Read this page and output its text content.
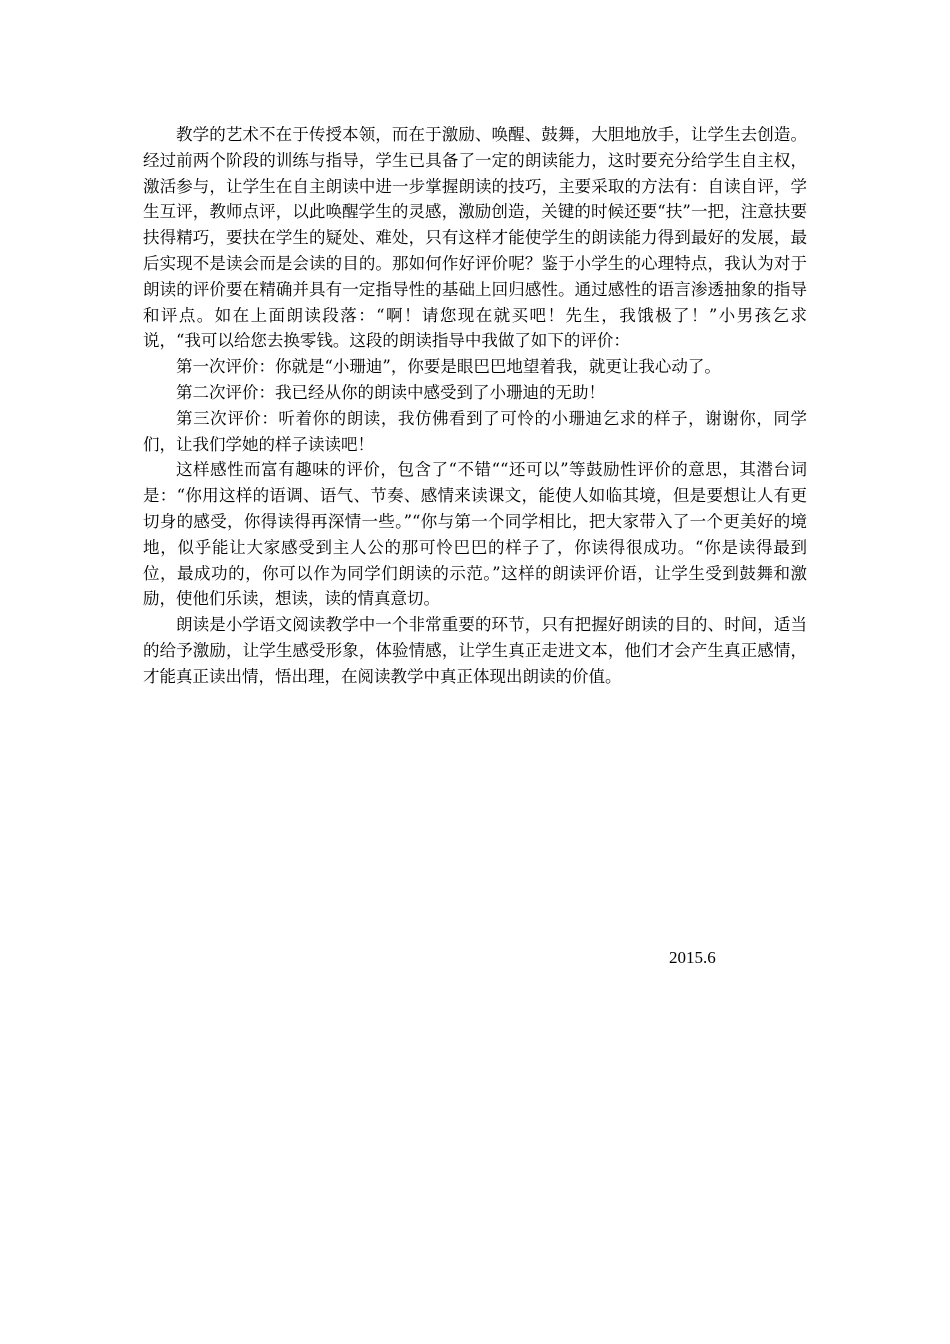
教学的艺术不在于传授本领，而在于激励、唤醒、鼓舞，大胆地放手，让学生去创造。经过前两个阶段的训练与指导，学生已具备了一定的朗读能力，这时要充分给学生自主权，激活参与，让学生在自主朗读中进一步掌握朗读的技巧，主要采取的方法有：自读自评，学生互评，教师点评，以此唤醒学生的灵感，激励创造，关键的时候还要“扶”一把，注意扶要扶得精巧，要扶在学生的疑处、难处，只有这样才能使学生的朗读能力得到最好的发展，最后实现不是读会而是会读的目的。那如何作好评价呢？鉴于小学生的心理特点，我认为对于朗读的评价要在精确并具有一定指导性的基础上回归感性。通过感性的语言渗透抽象的指导和评点。如在上面朗读段落：“啊！请您现在就买吧！先生，我饿极了！”小男孩乞求说，“我可以给您去换零钱。这段的朗读指导中我做了如下的评价：

第一次评价：你就是“小珊迪”，你要是眼巴巴地望着我，就更让我心动了。

第二次评价：我已经从你的朗读中感受到了小珊迪的无助！

第三次评价：听着你的朗读，我仿佛看到了可怜的小珊迪乞求的样子，谢谢你，同学们，让我们学她的样子读读吧！

这样感性而富有趣味的评价，包含了“不错““还可以”等鼓励性评价的意思，其潜台词是：“你用这样的语调、语气、节奏、感情来读课文，能使人如临其境，但是要想让人有更切身的感受，你得读得再深情一些。”“你与第一个同学相比，把大家带入了一个更美好的境地，似乎能让大家感受到主人公的那可怜巴巴的样子了，你读得很成功。“你是读得最到位，最成功的，你可以作为同学们朗读的示范。”这样的朗读评价语，让学生受到鼓舞和激励，使他们乐读，想读，读的情真意切。

朗读是小学语文阅读教学中一个非常重要的环节，只有把握好朗读的目的、时间，适当的给予激励，让学生感受形象，体验情感，让学生真正走进文本，他们才会产生真正感情，才能真正读出情，悟出理，在阅读教学中真正体现出朗读的价值。

2015.6
